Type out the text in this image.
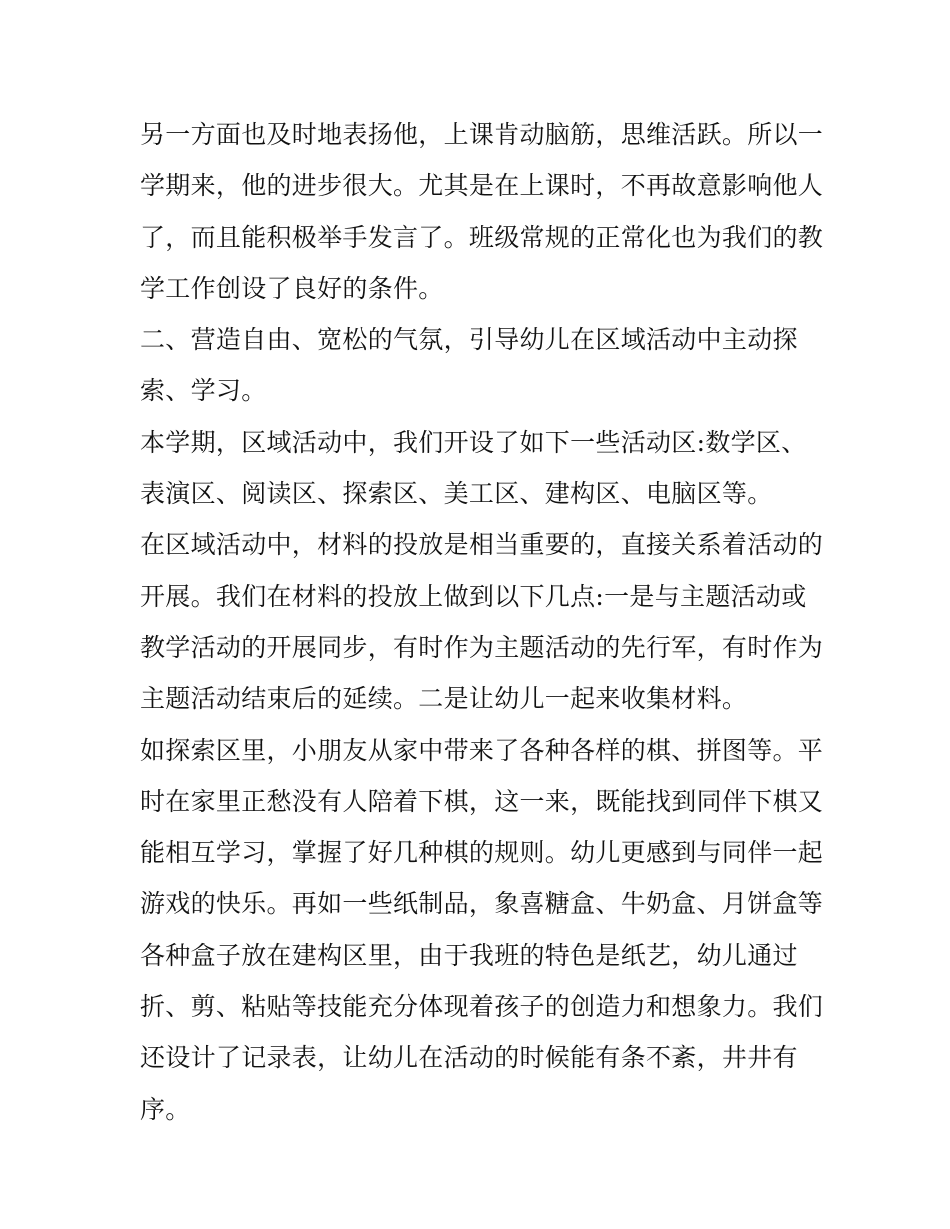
另一方面也及时地表扬他，上课肯动脑筋，思维活跃。所以一
学期来，他的进步很大。尤其是在上课时，不再故意影响他人
了，而且能积极举手发言了。班级常规的正常化也为我们的教
学工作创设了良好的条件。
二、营造自由、宽松的气氛，引导幼儿在区域活动中主动探
索、学习。
本学期，区域活动中，我们开设了如下一些活动区:数学区、
表演区、阅读区、探索区、美工区、建构区、电脑区等。
在区域活动中，材料的投放是相当重要的，直接关系着活动的
开展。我们在材料的投放上做到以下几点:一是与主题活动或
教学活动的开展同步，有时作为主题活动的先行军，有时作为
主题活动结束后的延续。二是让幼儿一起来收集材料。
如探索区里，小朋友从家中带来了各种各样的棋、拼图等。平
时在家里正愁没有人陪着下棋，这一来，既能找到同伴下棋又
能相互学习，掌握了好几种棋的规则。幼儿更感到与同伴一起
游戏的快乐。再如一些纸制品，象喜糖盒、牛奶盒、月饼盒等
各种盒子放在建构区里，由于我班的特色是纸艺，幼儿通过
折、剪、粘贴等技能充分体现着孩子的创造力和想象力。我们
还设计了记录表，让幼儿在活动的时候能有条不紊，井井有
序。
